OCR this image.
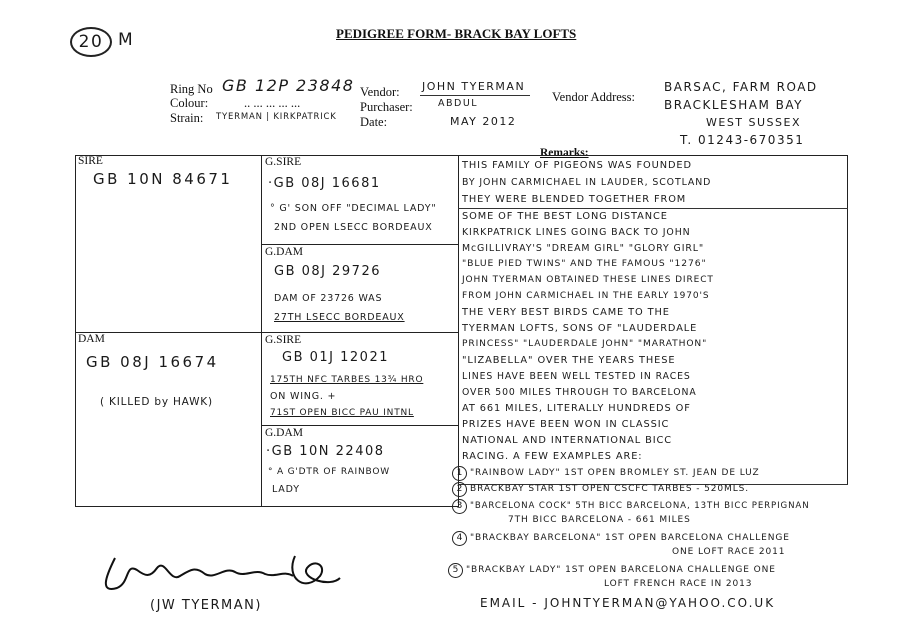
20 M	PEDIGREE FORM- BRACK BAY LOFTS
Ring No GB 12P 23848
Colour:	.. ... ... ... ...
Strain: TYERMAN | KIRKPATRICK
Vendor: JOHN TYERMAN
Purchaser:	ABDUL
Date:	MAY 2012
Vendor Address:
BARSAC, FARM ROAD
BRACKLESHAM BAY
WEST SUSSEX
T. 01243-670351
Remarks:
SIRE
GB 10N 84671
G.SIRE
·GB 08J 16681
° G' SON OFF "DECIMAL LADY"
2ND OPEN LSECC BORDEAUX
G.DAM
GB 08J 29726
DAM OF 23726 WAS
27TH LSECC BORDEAUX
DAM
GB 08J 16674
( KILLED by HAWK)
G.SIRE
GB 01J 12021
175TH NFC TARBES 13¾ HRO
ON WING. +
71ST OPEN BICC PAU INTNL
G.DAM
·GB 10N 22408
° A G'DTR OF RAINBOW
LADY
THIS FAMILY OF PIGEONS WAS FOUNDED
BY JOHN CARMICHAEL IN LAUDER, SCOTLAND
THEY WERE BLENDED TOGETHER FROM
SOME OF THE BEST LONG DISTANCE
KIRKPATRICK LINES GOING BACK TO JOHN
McGILLIVRAY'S "DREAM GIRL" "GLORY GIRL"
"BLUE PIED TWINS" AND THE FAMOUS "1276"
JOHN TYERMAN OBTAINED THESE LINES DIRECT
FROM JOHN CARMICHAEL IN THE EARLY 1970'S
THE VERY BEST BIRDS CAME TO THE
TYERMAN LOFTS, SONS OF "LAUDERDALE
PRINCESS" "LAUDERDALE JOHN" "MARATHON"
"LIZABELLA" OVER THE YEARS THESE
LINES HAVE BEEN WELL TESTED IN RACES
OVER 500 MILES THROUGH TO BARCELONA
AT 661 MILES, LITERALLY HUNDREDS OF
PRIZES HAVE BEEN WON IN CLASSIC
NATIONAL AND INTERNATIONAL BICC
RACING. A FEW EXAMPLES ARE:
1 "RAINBOW LADY" 1ST OPEN BROMLEY ST. JEAN DE LUZ
2 BRACKBAY STAR 1ST OPEN CSCFC TARBES - 520MLS.
3 "BARCELONA COCK" 5TH BICC BARCELONA, 13TH BICC PERPIGNAN
7TH BICC BARCELONA - 661 MILES
4 "BRACKBAY BARCELONA" 1ST OPEN BARCELONA CHALLENGE
ONE LOFT RACE 2011
5 "BRACKBAY LADY" 1ST OPEN BARCELONA CHALLENGE ONE
LOFT FRENCH RACE IN 2013
(JW TYERMAN)	EMAIL - JOHNTYERMAN@YAHOO.CO.UK
